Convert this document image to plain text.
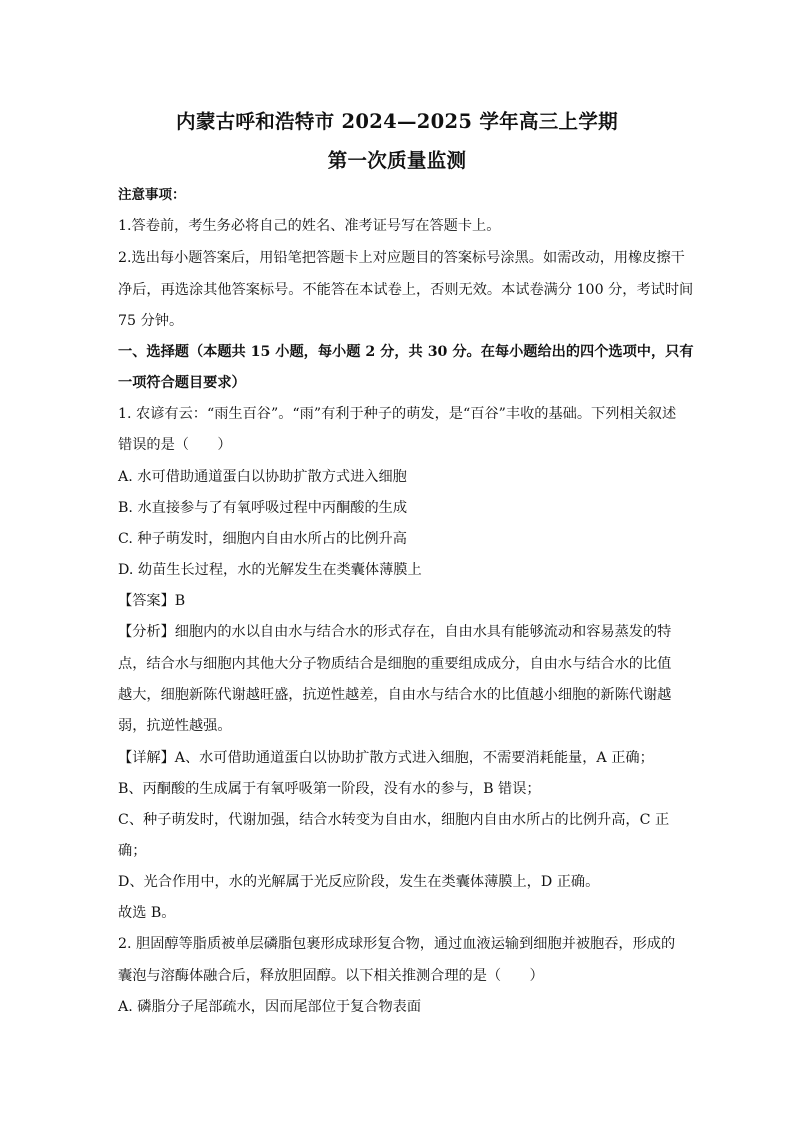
内蒙古呼和浩特市 2024—2025 学年高三上学期
第一次质量监测
注意事项：
1.答卷前，考生务必将自己的姓名、准考证号写在答题卡上。
2.选出每小题答案后，用铅笔把答题卡上对应题目的答案标号涂黑。如需改动，用橡皮擦干
净后，再选涂其他答案标号。不能答在本试卷上，否则无效。本试卷满分 100 分，考试时间
75 分钟。
一、选择题（本题共 15 小题，每小题 2 分，共 30 分。在每小题给出的四个选项中，只有
一项符合题目要求）
1. 农谚有云：“雨生百谷”。“雨”有利于种子的萌发，是“百谷”丰收的基础。下列相关叙述
错误的是（　　）
A. 水可借助通道蛋白以协助扩散方式进入细胞
B. 水直接参与了有氧呼吸过程中丙酮酸的生成
C. 种子萌发时，细胞内自由水所占的比例升高
D. 幼苗生长过程，水的光解发生在类囊体薄膜上
【答案】B
【分析】细胞内的水以自由水与结合水的形式存在，自由水具有能够流动和容易蒸发的特
点，结合水与细胞内其他大分子物质结合是细胞的重要组成成分，自由水与结合水的比值
越大，细胞新陈代谢越旺盛，抗逆性越差，自由水与结合水的比值越小细胞的新陈代谢越
弱，抗逆性越强。
【详解】A、水可借助通道蛋白以协助扩散方式进入细胞，不需要消耗能量，A 正确；
B、丙酮酸的生成属于有氧呼吸第一阶段，没有水的参与，B 错误；
C、种子萌发时，代谢加强，结合水转变为自由水，细胞内自由水所占的比例升高，C 正
确；
D、光合作用中，水的光解属于光反应阶段，发生在类囊体薄膜上，D 正确。
故选 B。
2. 胆固醇等脂质被单层磷脂包裹形成球形复合物，通过血液运输到细胞并被胞吞，形成的
囊泡与溶酶体融合后，释放胆固醇。以下相关推测合理的是（　　）
A. 磷脂分子尾部疏水，因而尾部位于复合物表面
